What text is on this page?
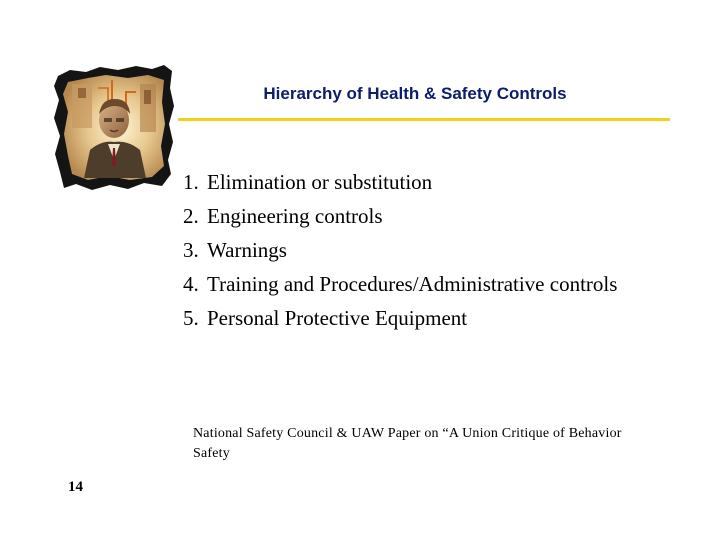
Hierarchy of Health & Safety Controls
1. Elimination or substitution
2. Engineering controls
3. Warnings
4. Training and Procedures/Administrative controls
5. Personal Protective Equipment
National Safety Council & UAW Paper on “A Union Critique of Behavior Safety
14
